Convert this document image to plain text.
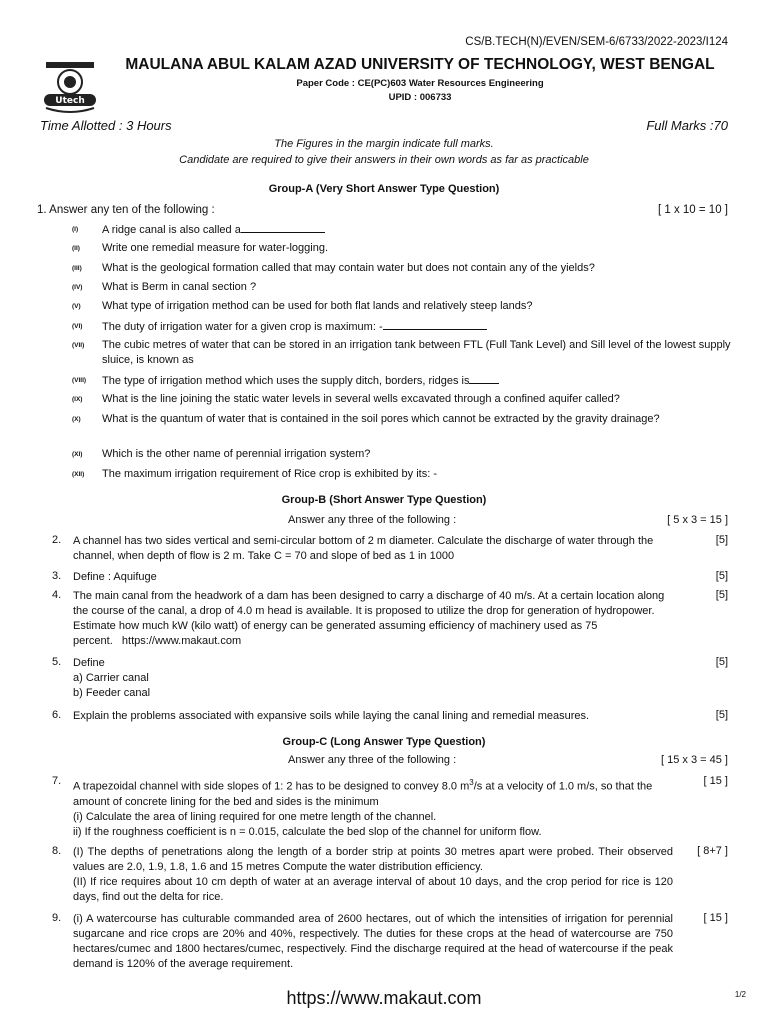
CS/B.TECH(N)/EVEN/SEM-6/6733/2022-2023/I124
Utech
MAULANA ABUL KALAM AZAD UNIVERSITY OF TECHNOLOGY, WEST BENGAL
Paper Code : CE(PC)603 Water Resources Engineering
UPID : 006733
Time Allotted : 3 Hours	Full Marks :70
The Figures in the margin indicate full marks.
Candidate are required to give their answers in their own words as far as practicable
Group-A (Very Short Answer Type Question)
1. Answer any ten of the following :	[ 1 x 10 = 10 ]
(I) A ridge canal is also called a
(II) Write one remedial measure for water-logging.
(III) What is the geological formation called that may contain water but does not contain any of the yields?
(IV) What is Berm in canal section ?
(V) What type of irrigation method can be used for both flat lands and relatively steep lands?
(VI) The duty of irrigation water for a given crop is maximum: -
(VII) The cubic metres of water that can be stored in an irrigation tank between FTL (Full Tank Level) and Sill level of the lowest supply sluice, is known as
(VIII) The type of irrigation method which uses the supply ditch, borders, ridges is
(IX) What is the line joining the static water levels in several wells excavated through a confined aquifer called?
(X) What is the quantum of water that is contained in the soil pores which cannot be extracted by the gravity drainage?
(XI) Which is the other name of perennial irrigation system?
(XII) The maximum irrigation requirement of Rice crop is exhibited by its: -
Group-B (Short Answer Type Question)
Answer any three of the following :	[ 5 x 3 = 15 ]
2. A channel has two sides vertical and semi-circular bottom of 2 m diameter. Calculate the discharge of water through the channel, when depth of flow is 2 m. Take C = 70 and slope of bed as 1 in 1000
[5]
3. Define : Aquifuge	[5]
4. The main canal from the headwork of a dam has been designed to carry a discharge of 40 m/s. At a certain location along the course of the canal, a drop of 4.0 m head is available. It is proposed to utilize the drop for generation of hydropower. Estimate how much kW (kilo watt) of energy can be generated assuming efficiency of machinery used as 75 percent. https://www.makaut.com
[5]
5. Define
a) Carrier canal
b) Feeder canal
[5]
6. Explain the problems associated with expansive soils while laying the canal lining and remedial measures.	[5]
Group-C (Long Answer Type Question)
Answer any three of the following :	[ 15 x 3 = 45 ]
7. A trapezoidal channel with side slopes of 1: 2 has to be designed to convey 8.0 $m^3/s$ at a velocity of 1.0 m/s, so that the amount of concrete lining for the bed and sides is the minimum
(i) Calculate the area of lining required for one metre length of the channel.
ii) If the roughness coefficient is n = 0.015, calculate the bed slop of the channel for uniform flow.
[ 15 ]
8. (I) The depths of penetrations along the length of a border strip at points 30 metres apart were probed. Their observed values are 2.0, 1.9, 1.8, 1.6 and 15 metres Compute the water distribution efficiency.
(II) If rice requires about 10 cm depth of water at an average interval of about 10 days, and the crop period for rice is 120 days, find out the delta for rice.
[ 8+7 ]
9. (i) A watercourse has culturable commanded area of 2600 hectares, out of which the intensities of irrigation for perennial sugarcane and rice crops are 20% and 40%, respectively. The duties for these crops at the head of watercourse are 750 hectares/cumec and 1800 hectares/cumec, respectively. Find the discharge required at the head of watercourse if the peak demand is 120% of the average requirement.
[ 15 ]
https://www.makaut.com	1/2
